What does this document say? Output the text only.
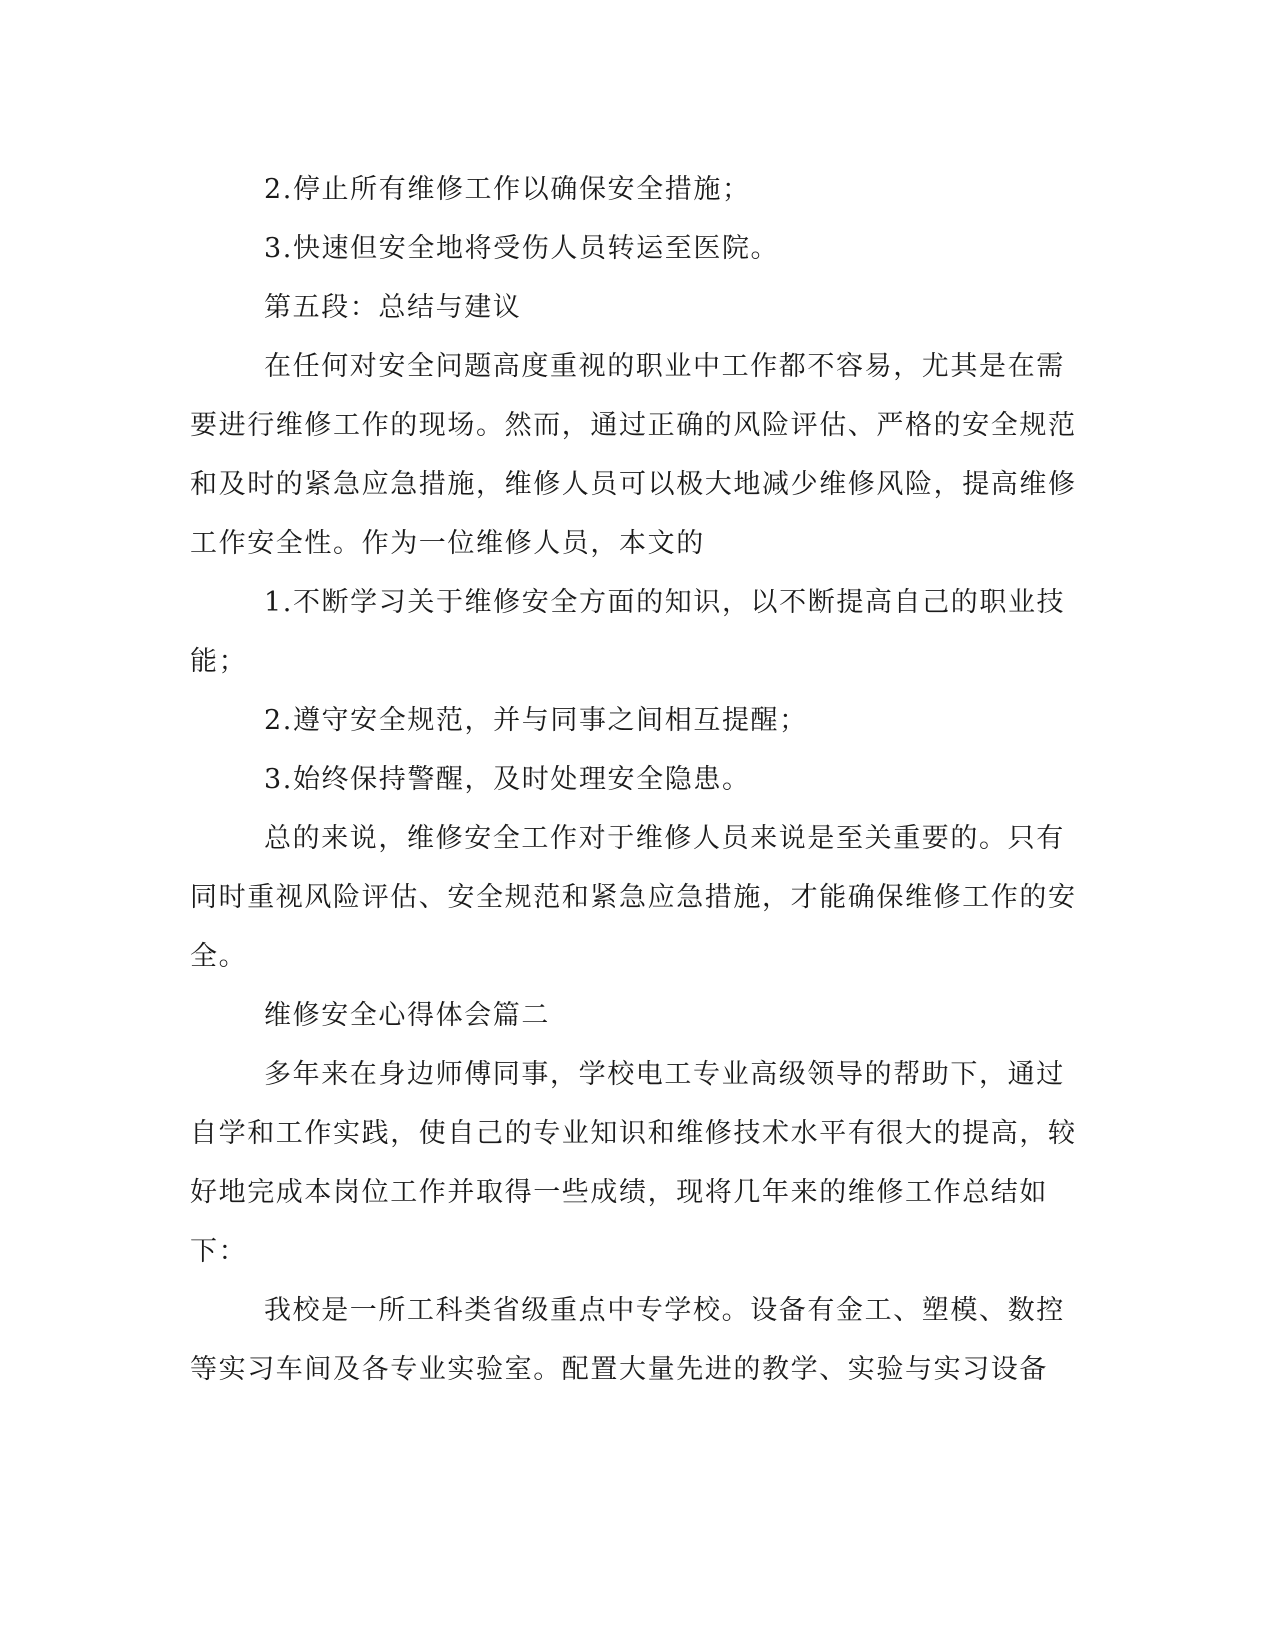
2.停止所有维修工作以确保安全措施；

3.快速但安全地将受伤人员转运至医院。

第五段：总结与建议

在任何对安全问题高度重视的职业中工作都不容易，尤其是在需要进行维修工作的现场。然而，通过正确的风险评估、严格的安全规范和及时的紧急应急措施，维修人员可以极大地减少维修风险，提高维修工作安全性。作为一位维修人员，本文的

1.不断学习关于维修安全方面的知识，以不断提高自己的职业技能；

2.遵守安全规范，并与同事之间相互提醒；

3.始终保持警醒，及时处理安全隐患。

总的来说，维修安全工作对于维修人员来说是至关重要的。只有同时重视风险评估、安全规范和紧急应急措施，才能确保维修工作的安全。

维修安全心得体会篇二

多年来在身边师傅同事，学校电工专业高级领导的帮助下，通过自学和工作实践，使自己的专业知识和维修技术水平有很大的提高，较好地完成本岗位工作并取得一些成绩，现将几年来的维修工作总结如下：

我校是一所工科类省级重点中专学校。设备有金工、塑模、数控等实习车间及各专业实验室。配置大量先进的教学、实验与实习设备
